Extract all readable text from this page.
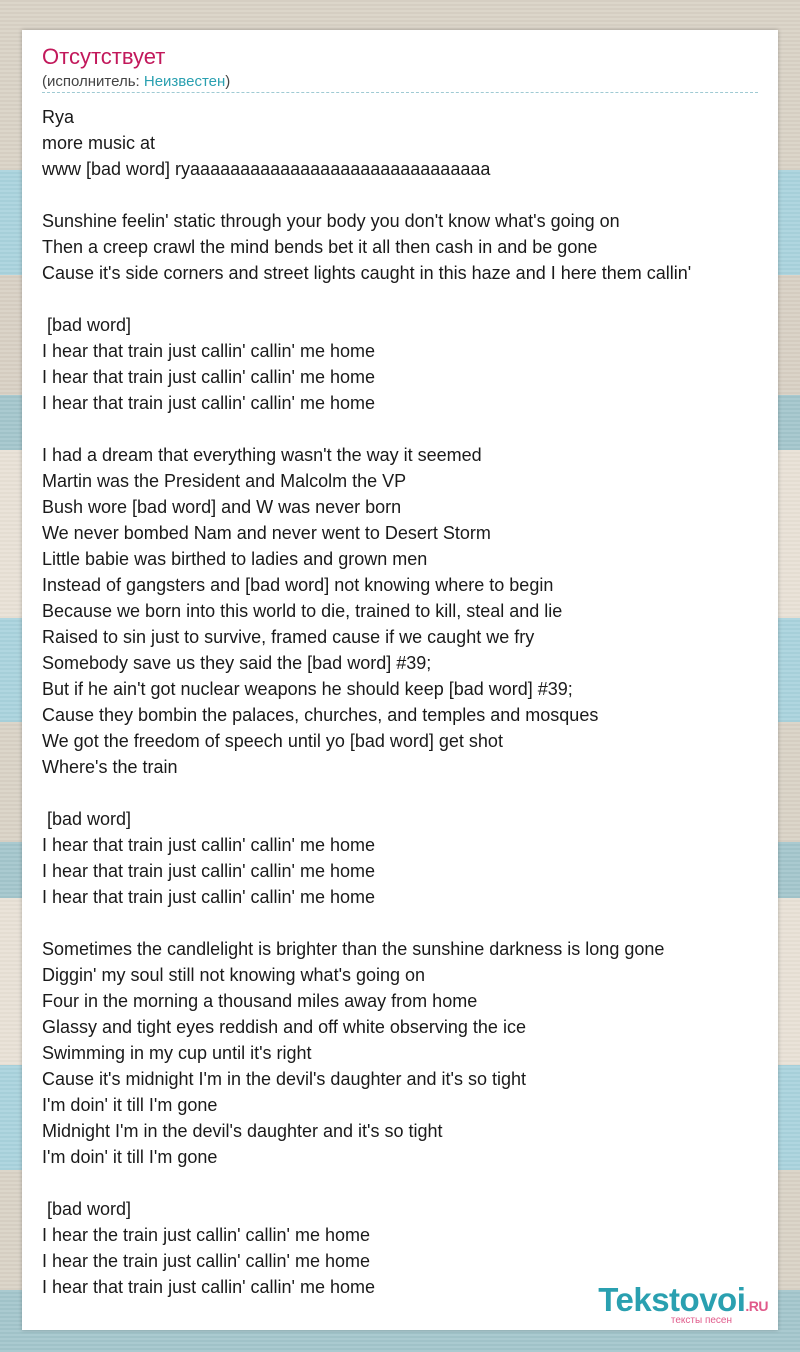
Отсутствует
(исполнитель: Неизвестен)
Rya
more music at
www [bad word] ryaaaaaaaaaaaaaaaaaaaaaaaaaaaaaa
Sunshine feelin' static through your body you don't know what's going on
Then a creep crawl the mind bends bet it all then cash in and be gone
Cause it's side corners and street lights caught in this haze and I here them callin'
[bad word]
I hear that train just callin' callin' me home
I hear that train just callin' callin' me home
I hear that train just callin' callin' me home
I had a dream that everything wasn't the way it seemed
Martin was the President and Malcolm the VP
Bush wore [bad word] and W was never born
We never bombed Nam and never went to Desert Storm
Little babie was birthed to ladies and grown men
Instead of gangsters and [bad word] not knowing where to begin
Because we born into this world to die, trained to kill, steal and lie
Raised to sin just to survive, framed cause if we caught we fry
Somebody save us they said the [bad word] #39;
But if he ain't got nuclear weapons he should keep [bad word] #39;
Cause they bombin the palaces, churches, and temples and mosques
We got the freedom of speech until yo [bad word] get shot
Where's the train
[bad word]
I hear that train just callin' callin' me home
I hear that train just callin' callin' me home
I hear that train just callin' callin' me home
Sometimes the candlelight is brighter than the sunshine darkness is long gone
Diggin' my soul still not knowing what's going on
Four in the morning a thousand miles away from home
Glassy and tight eyes reddish and off white observing the ice
Swimming in my cup until it's right
Cause it's midnight I'm in the devil's daughter and it's so tight
I'm doin' it till I'm gone
Midnight I'm in the devil's daughter and it's so tight
I'm doin' it till I'm gone
[bad word]
I hear the train just callin' callin' me home
I hear the train just callin' callin' me home
I hear that train just callin' callin' me home	Tekstovoi.RU
тексты песен
